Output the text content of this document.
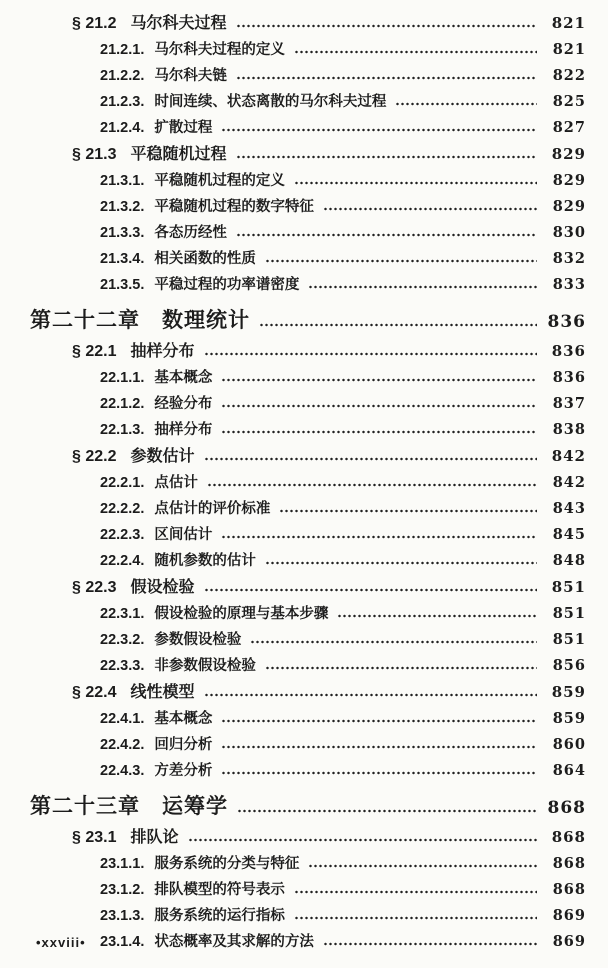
§ 21.2 马尔科夫过程	821
21.2.1. 马尔科夫过程的定义	821
21.2.2. 马尔科夫链	822
21.2.3. 时间连续、状态离散的马尔科夫过程	825
21.2.4. 扩散过程	827
§ 21.3 平稳随机过程	829
21.3.1. 平稳随机过程的定义	829
21.3.2. 平稳随机过程的数字特征	829
21.3.3. 各态历经性	830
21.3.4. 相关函数的性质	832
21.3.5. 平稳过程的功率谱密度	833
第二十二章 数理统计	836
§ 22.1 抽样分布	836
22.1.1. 基本概念	836
22.1.2. 经验分布	837
22.1.3. 抽样分布	838
§ 22.2 参数估计	842
22.2.1. 点估计	842
22.2.2. 点估计的评价标准	843
22.2.3. 区间估计	845
22.2.4. 随机参数的估计	848
§ 22.3 假设检验	851
22.3.1. 假设检验的原理与基本步骤	851
22.3.2. 参数假设检验	851
22.3.3. 非参数假设检验	856
§ 22.4 线性模型	859
22.4.1. 基本概念	859
22.4.2. 回归分析	860
22.4.3. 方差分析	864
第二十三章 运筹学	868
§ 23.1 排队论	868
23.1.1. 服务系统的分类与特征	868
23.1.2. 排队模型的符号表示	868
23.1.3. 服务系统的运行指标	869
23.1.4. 状态概率及其求解的方法	869
•xxviii•
